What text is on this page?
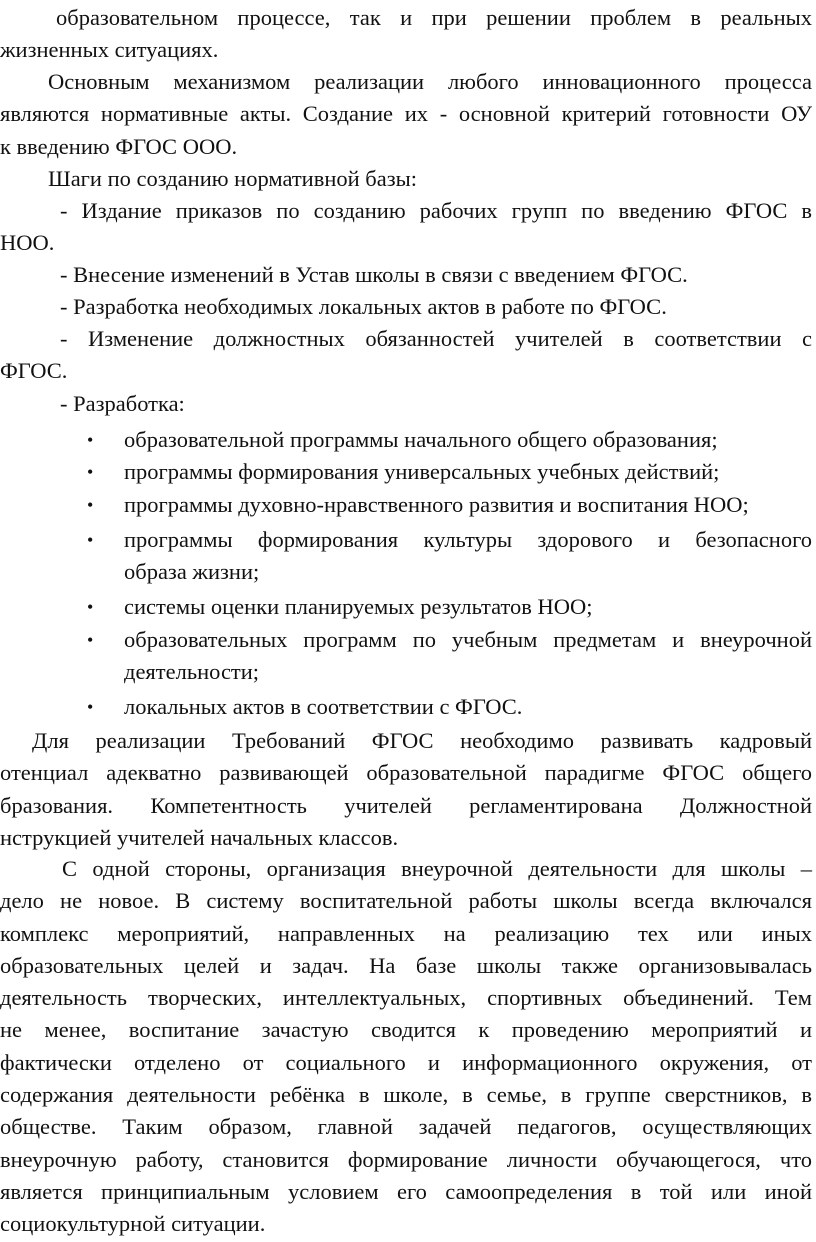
образовательном процессе, так и при решении проблем в реальных
жизненных ситуациях.
Основным механизмом реализации любого инновационного процесса
являются нормативные акты. Создание их - основной критерий готовности ОУ
к введению ФГОС ООО.
Шаги по созданию нормативной базы:
- Издание приказов по созданию рабочих групп по введению ФГОС в
НОО.
- Внесение изменений в Устав школы в связи с введением ФГОС.
- Разработка необходимых локальных актов в работе по ФГОС.
- Изменение должностных обязанностей учителей в соответствии с
ФГОС.
- Разработка:
• образовательной программы начального общего образования;
• программы формирования универсальных учебных действий;
• программы духовно-нравственного развития и воспитания НОО;
• программы формирования культуры здорового и безопасного
образа жизни;
• системы оценки планируемых результатов НОО;
• образовательных программ по учебным предметам и внеурочной
деятельности;
• локальных актов в соответствии с ФГОС.
Для реализации Требований ФГОС необходимо развивать кадровый
отенциал адекватно развивающей образовательной парадигме ФГОС общего
бразования. Компетентность учителей регламентирована Должностной
нструкцией учителей начальных классов.
С одной стороны, организация внеурочной деятельности для школы –
дело не новое. В систему воспитательной работы школы всегда включался
комплекс мероприятий, направленных на реализацию тех или иных
образовательных целей и задач. На базе школы также организовывалась
деятельность творческих, интеллектуальных, спортивных объединений. Тем
не менее, воспитание зачастую сводится к проведению мероприятий и
фактически отделено от социального и информационного окружения, от
содержания деятельности ребёнка в школе, в семье, в группе сверстников, в
обществе. Таким образом, главной задачей педагогов, осуществляющих
внеурочную работу, становится формирование личности обучающегося, что
является принципиальным условием его самоопределения в той или иной
социокультурной ситуации.
